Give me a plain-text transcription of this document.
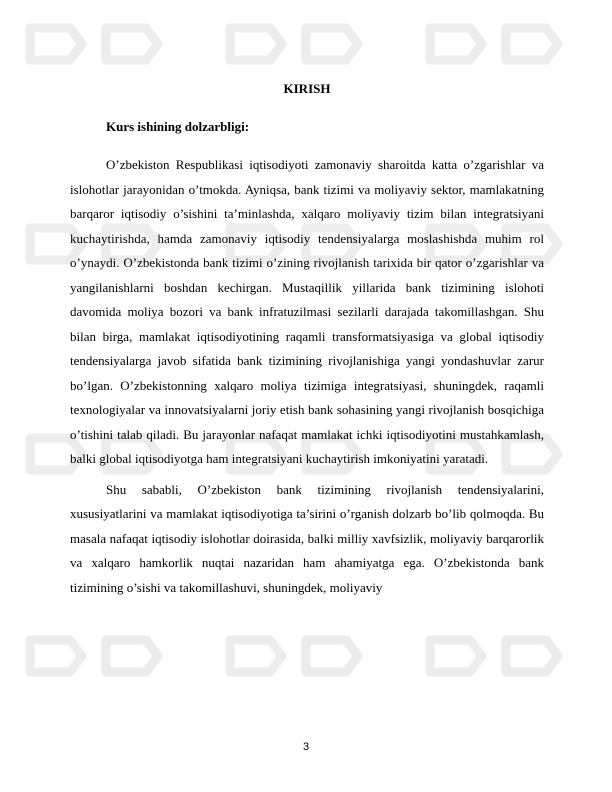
KIRISH

Kurs ishining dolzarbligi:

O’zbekiston Respublikasi iqtisodiyoti zamonaviy sharoitda katta o’zgarishlar va islohotlar jarayonidan o’tmokda. Ayniqsa, bank tizimi va moliyaviy sektor, mamlakatning barqaror iqtisodiy o’sishini ta’minlashda, xalqaro moliyaviy tizim bilan integratsiyani kuchaytirishda, hamda zamonaviy iqtisodiy tendensiyalarga moslashishda muhim rol o’ynaydi. O’zbekistonda bank tizimi o’zining rivojlanish tarixida bir qator o’zgarishlar va yangilanishlarni boshdan kechirgan. Mustaqillik yillarida bank tizimining islohoti davomida moliya bozori va bank infratuzilmasi sezilarli darajada takomillashgan. Shu bilan birga, mamlakat iqtisodiyotining raqamli transformatsiyasiga va global iqtisodiy tendensiyalarga javob sifatida bank tizimining rivojlanishiga yangi yondashuvlar zarur bo’lgan. O’zbekistonning xalqaro moliya tizimiga integratsiyasi, shuningdek, raqamli texnologiyalar va innovatsiyalarni joriy etish bank sohasining yangi rivojlanish bosqichiga o’tishini talab qiladi. Bu jarayonlar nafaqat mamlakat ichki iqtisodiyotini mustahkamlash, balki global iqtisodiyotga ham integratsiyani kuchaytirish imkoniyatini yaratadi.

Shu sababli, O’zbekiston bank tizimining rivojlanish tendensiyalarini, xususiyatlarini va mamlakat iqtisodiyotiga ta’sirini o’rganish dolzarb bo’lib qolmoqda. Bu masala nafaqat iqtisodiy islohotlar doirasida, balki milliy xavfsizlik, moliyaviy barqarorlik va xalqaro hamkorlik nuqtai nazaridan ham ahamiyatga ega. O’zbekistonda bank tizimining o’sishi va takomillashuvi, shuningdek, moliyaviy

3
